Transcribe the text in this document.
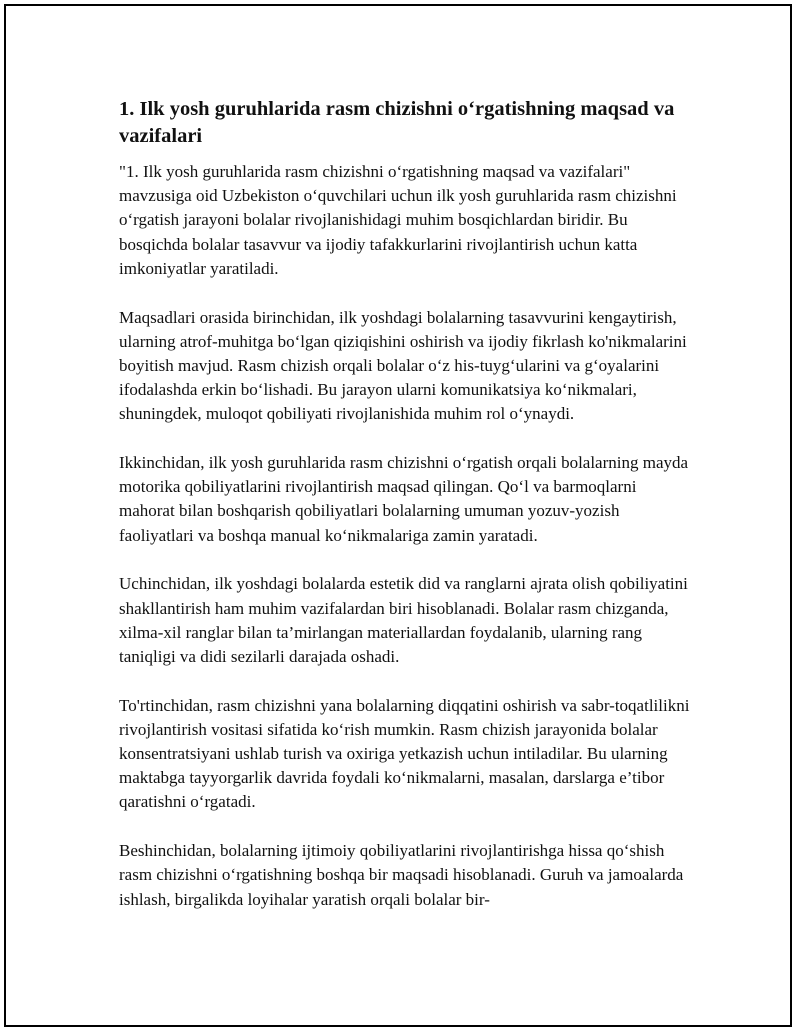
1. Ilk yosh guruhlarida rasm chizishni o‘rgatishning maqsad va vazifalari

"1. Ilk yosh guruhlarida rasm chizishni o‘rgatishning maqsad va vazifalari" mavzusiga oid Uzbekiston o‘quvchilari uchun ilk yosh guruhlarida rasm chizishni o‘rgatish jarayoni bolalar rivojlanishidagi muhim bosqichlardan biridir. Bu bosqichda bolalar tasavvur va ijodiy tafakkurlarini rivojlantirish uchun katta imkoniyatlar yaratiladi.

Maqsadlari orasida birinchidan, ilk yoshdagi bolalarning tasavvurini kengaytirish, ularning atrof-muhitga bo‘lgan qiziqishini oshirish va ijodiy fikrlash ko'nikmalarini boyitish mavjud. Rasm chizish orqali bolalar o‘z his-tuyg‘ularini va g‘oyalarini ifodalashda erkin bo‘lishadi. Bu jarayon ularni komunikatsiya ko‘nikmalari, shuningdek, muloqot qobiliyati rivojlanishida muhim rol o‘ynaydi.

Ikkinchidan, ilk yosh guruhlarida rasm chizishni o‘rgatish orqali bolalarning mayda motorika qobiliyatlarini rivojlantirish maqsad qilingan. Qo‘l va barmoqlarni mahorat bilan boshqarish qobiliyatlari bolalarning umuman yozuv-yozish faoliyatlari va boshqa manual ko‘nikmalariga zamin yaratadi.

Uchinchidan, ilk yoshdagi bolalarda estetik did va ranglarni ajrata olish qobiliyatini shakllantirish ham muhim vazifalardan biri hisoblanadi. Bolalar rasm chizganda, xilma-xil ranglar bilan ta’mirlangan materiallardan foydalanib, ularning rang taniqligi va didi sezilarli darajada oshadi.

To'rtinchidan, rasm chizishni yana bolalarning diqqatini oshirish va sabr-toqatlilikni rivojlantirish vositasi sifatida ko‘rish mumkin. Rasm chizish jarayonida bolalar konsentratsiyani ushlab turish va oxiriga yetkazish uchun intiladilar. Bu ularning maktabga tayyorgarlik davrida foydali ko‘nikmalarni, masalan, darslarga e’tibor qaratishni o‘rgatadi.

Beshinchidan, bolalarning ijtimoiy qobiliyatlarini rivojlantirishga hissa qo‘shish rasm chizishni o‘rgatishning boshqa bir maqsadi hisoblanadi. Guruh va jamoalarda ishlash, birgalikda loyihalar yaratish orqali bolalar bir-
